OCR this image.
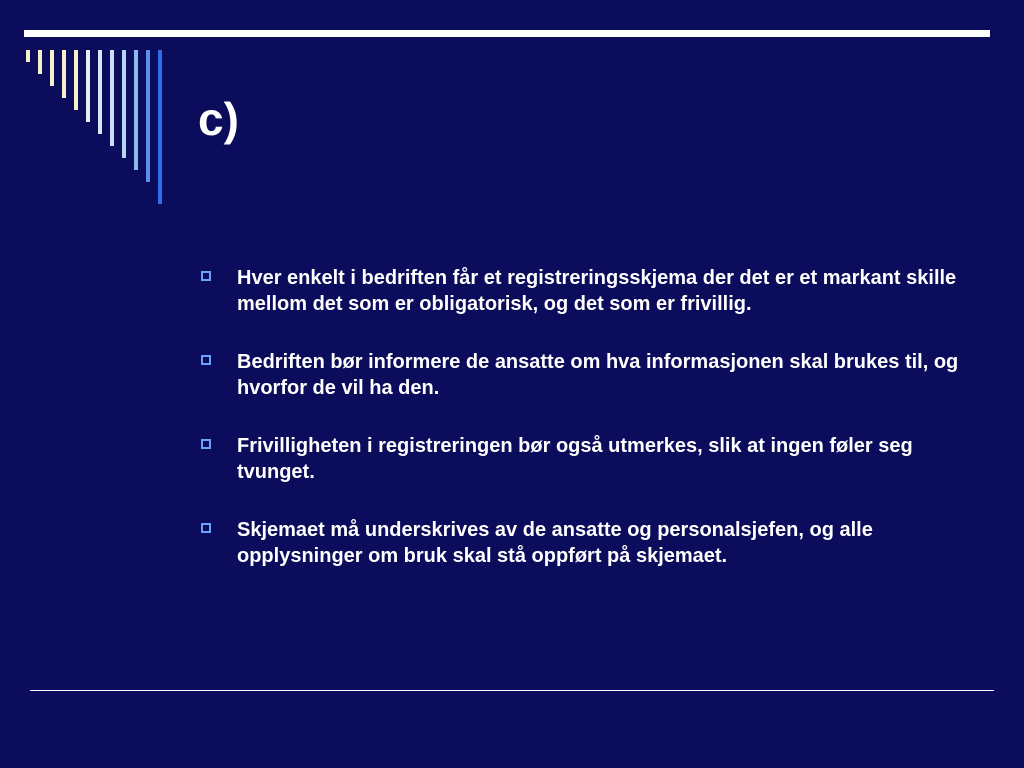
c)
Hver enkelt i bedriften får et registreringsskjema der det er et markant skille mellom det som er obligatorisk, og det som er frivillig.
Bedriften bør informere de ansatte om hva informasjonen skal brukes til, og hvorfor de vil ha den.
Frivilligheten i registreringen bør også utmerkes, slik at ingen føler seg tvunget.
Skjemaet må underskrives av de ansatte og personalsjefen, og alle opplysninger om bruk skal stå oppført på skjemaet.
